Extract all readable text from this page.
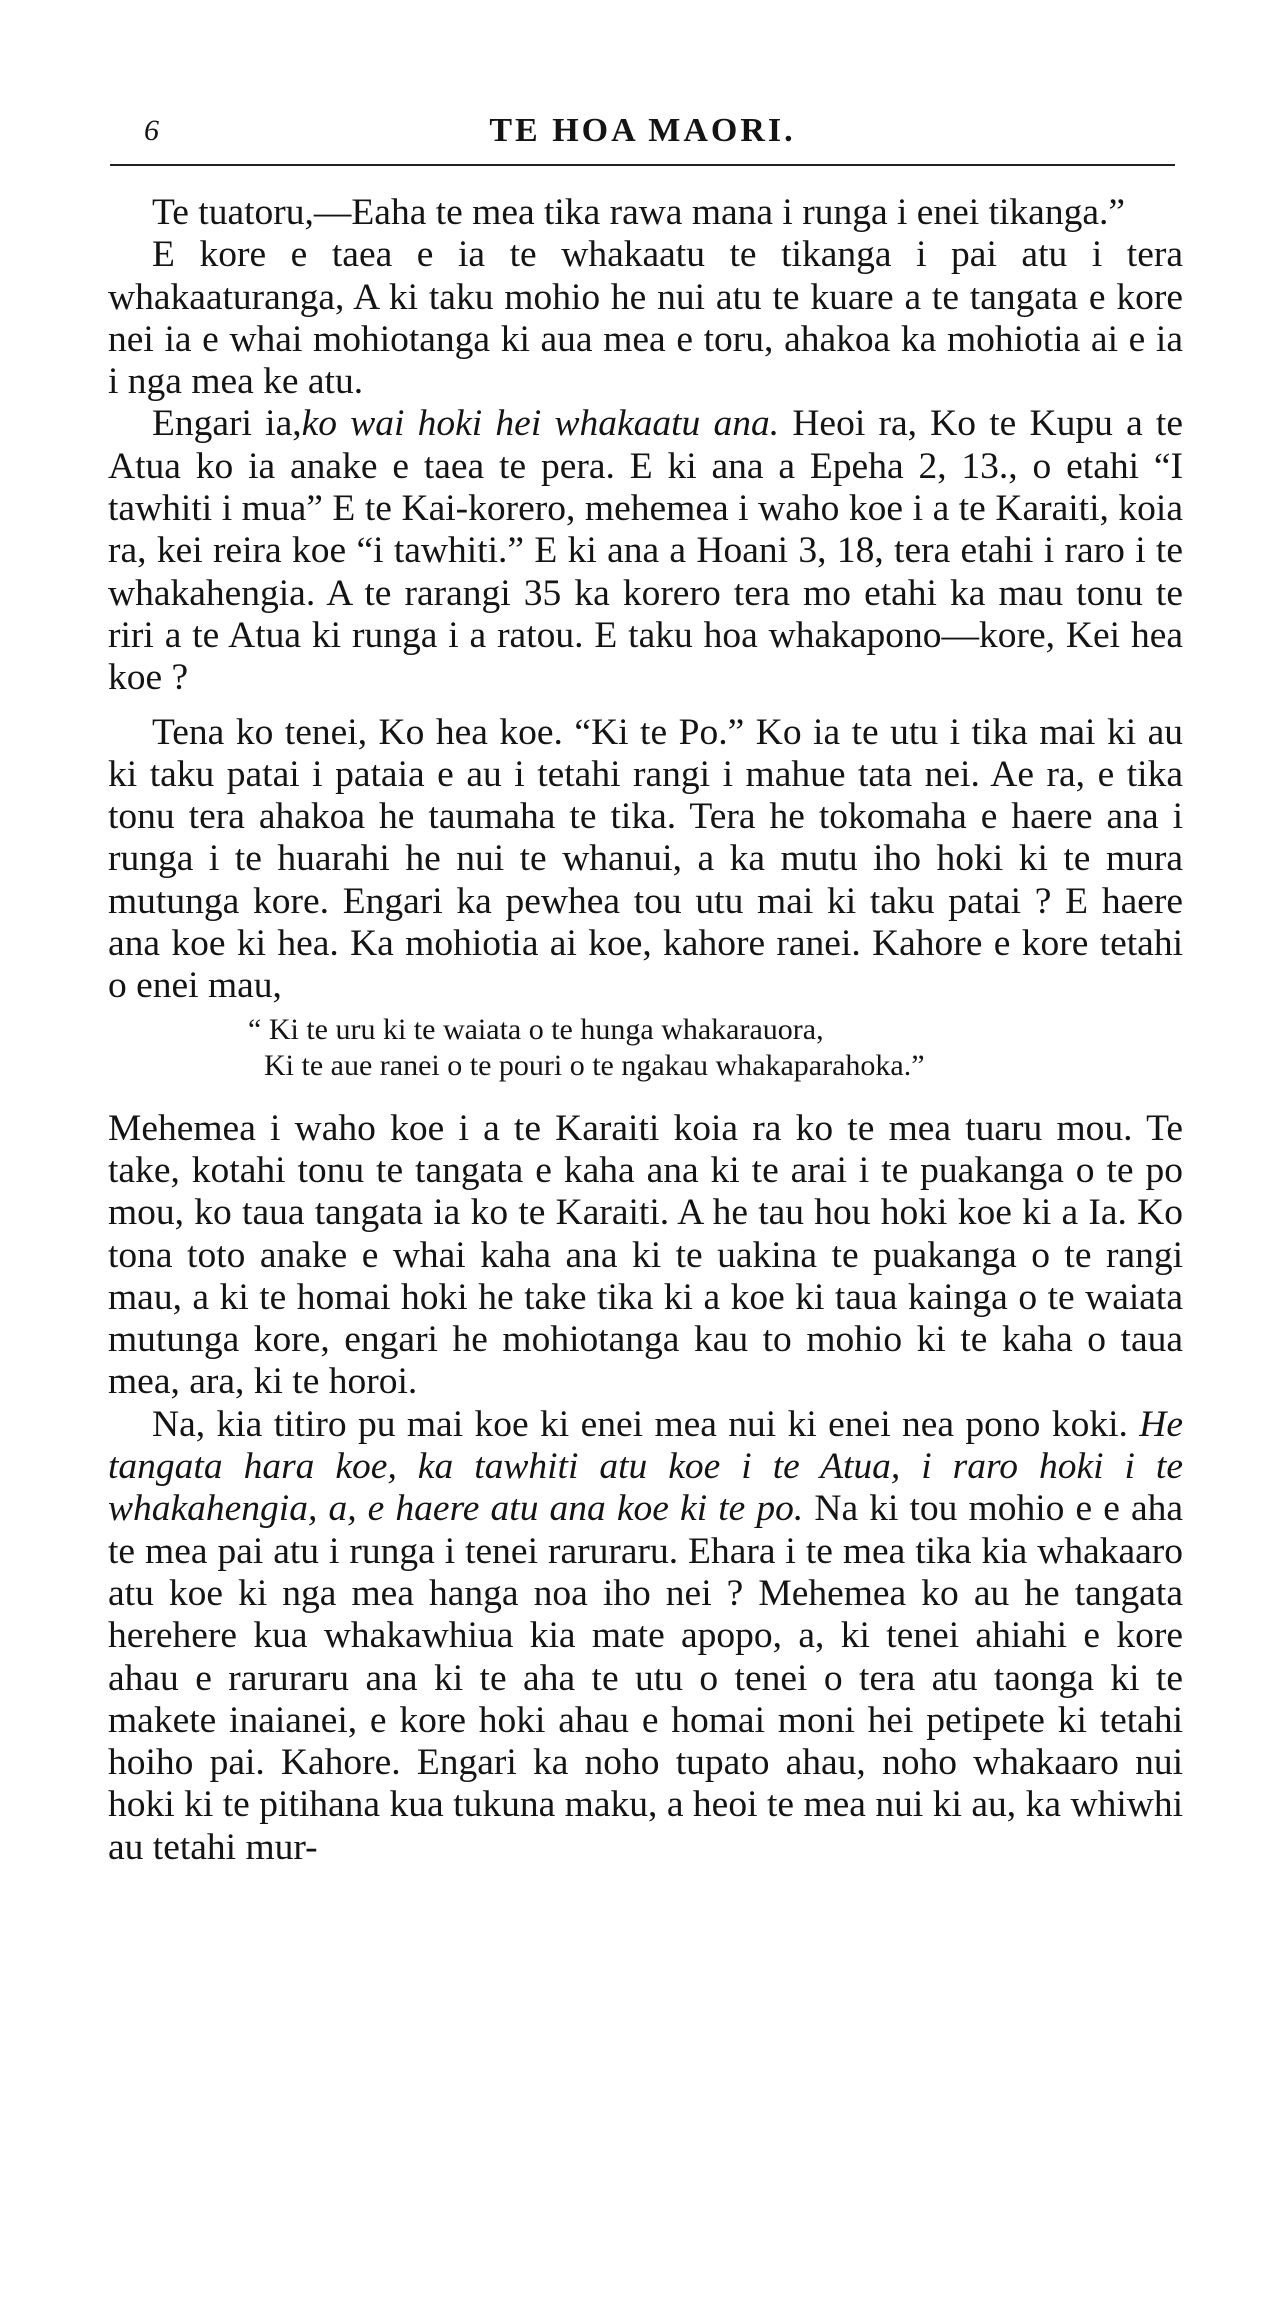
6	TE HOA MAORI.

Te tuatoru,—Eaha te mea tika rawa mana i runga i enei tikanga.”

E kore e taea e ia te whakaatu te tikanga i pai atu i tera whakaaturanga, A ki taku mohio he nui atu te kuare a te tangata e kore nei ia e whai mohiotanga ki aua mea e toru, ahakoa ka mohiotia ai e ia i nga mea ke atu.

Engari ia,ko wai hoki hei whakaatu ana. Heoi ra, Ko te Kupu a te Atua ko ia anake e taea te pera. E ki ana a Epeha 2, 13., o etahi “I tawhiti i mua” E te Kai-korero, mehemea i waho koe i a te Karaiti, koia ra, kei reira koe “i tawhiti.” E ki ana a Hoani 3, 18, tera etahi i raro i te whakahengia. A te rarangi 35 ka korero tera mo etahi ka mau tonu te riri a te Atua ki runga i a ratou. E taku hoa whakapono—kore, Kei hea koe ?

Tena ko tenei, Ko hea koe. “Ki te Po.” Ko ia te utu i tika mai ki au ki taku patai i pataia e au i tetahi rangi i mahue tata nei. Ae ra, e tika tonu tera ahakoa he taumaha te tika. Tera he tokomaha e haere ana i runga i te huarahi he nui te whanui, a ka mutu iho hoki ki te mura mutunga kore. Engari ka pewhea tou utu mai ki taku patai ? E haere ana koe ki hea. Ka mohiotia ai koe, kahore ranei. Kahore e kore tetahi o enei mau,

“ Ki te uru ki te waiata o te hunga whakarauora,
Ki te aue ranei o te pouri o te ngakau whakaparahoka.”

Mehemea i waho koe i a te Karaiti koia ra ko te mea tuaru mou. Te take, kotahi tonu te tangata e kaha ana ki te arai i te puakanga o te po mou, ko taua tangata ia ko te Karaiti. A he tau hou hoki koe ki a Ia. Ko tona toto anake e whai kaha ana ki te uakina te puakanga o te rangi mau, a ki te homai hoki he take tika ki a koe ki taua kainga o te waiata mutunga kore, engari he mohiotanga kau to mohio ki te kaha o taua mea, ara, ki te horoi.

Na, kia titiro pu mai koe ki enei mea nui ki enei nea pono koki. He tangata hara koe, ka tawhiti atu koe i te Atua, i raro hoki i te whakahengia, a, e haere atu ana koe ki te po. Na ki tou mohio e e aha te mea pai atu i runga i tenei raruraru. Ehara i te mea tika kia whakaaro atu koe ki nga mea hanga noa iho nei ? Mehemea ko au he tangata herehere kua whakawhiua kia mate apopo, a, ki tenei ahiahi e kore ahau e raruraru ana ki te aha te utu o tenei o tera atu taonga ki te makete inaianei, e kore hoki ahau e homai moni hei petipete ki tetahi hoiho pai. Kahore. Engari ka noho tupato ahau, noho whakaaro nui hoki ki te pitihana kua tukuna maku, a heoi te mea nui ki au, ka whiwhi au tetahi mur-
